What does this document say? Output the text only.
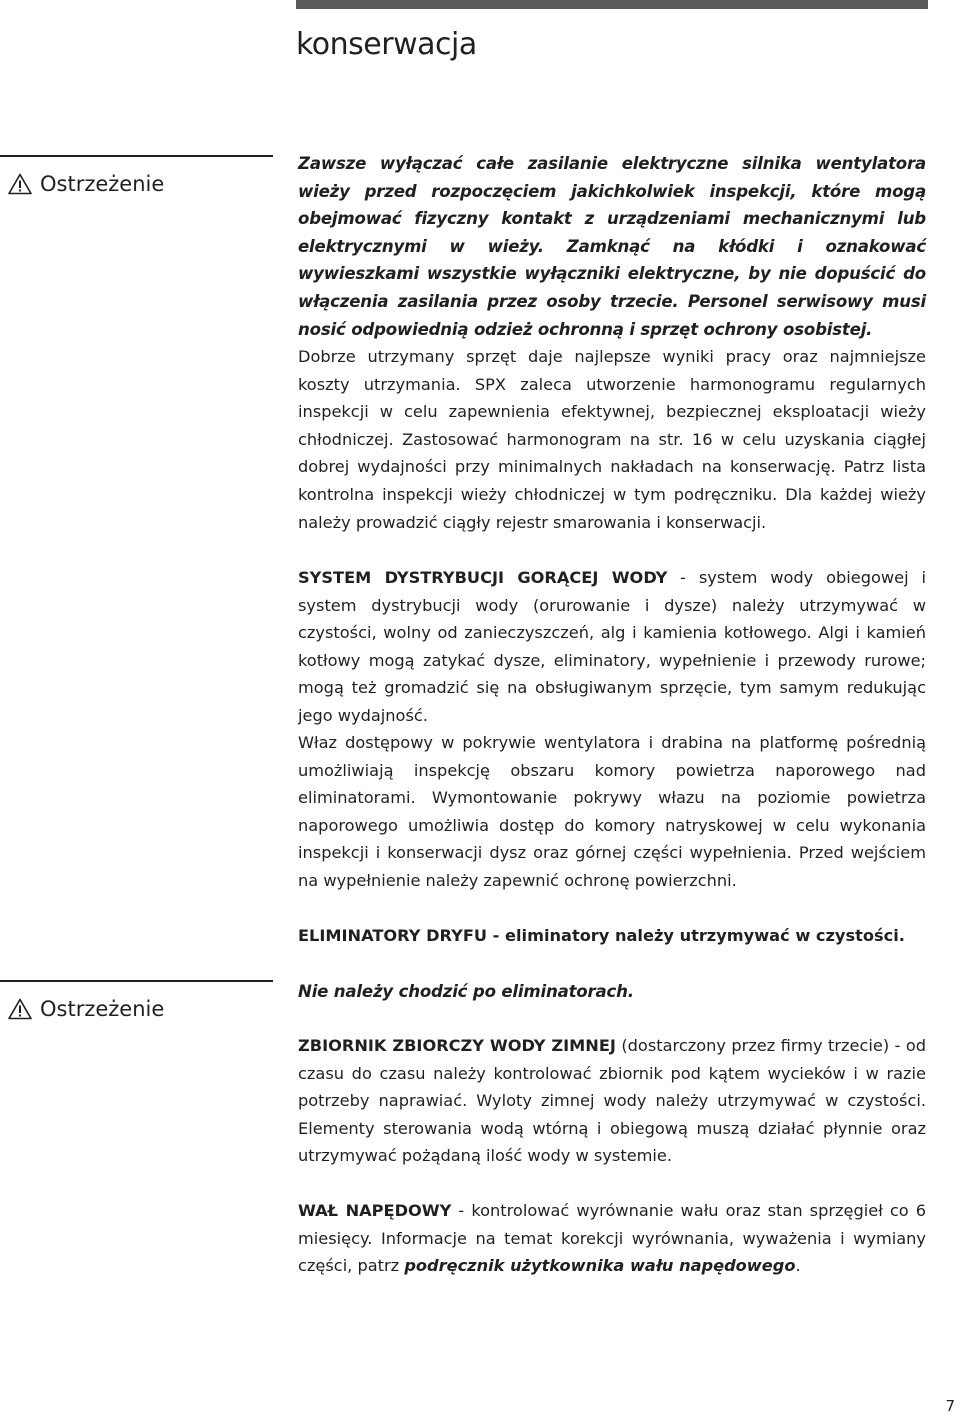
konserwacja
Ostrzeżenie

Zawsze wyłączać całe zasilanie elektryczne silnika wentylatora wieży przed rozpoczęciem jakichkolwiek inspekcji, które mogą obejmować fizyczny kontakt z urządzeniami mechanicznymi lub elektrycznymi w wieży. Zamknąć na kłódki i oznakować wywieszkami wszystkie wyłączniki elektryczne, by nie dopuścić do włączenia zasilania przez osoby trzecie. Personel serwisowy musi nosić odpowiednią odzież ochronną i sprzęt ochrony osobistej.

Dobrze utrzymany sprzęt daje najlepsze wyniki pracy oraz najmniejsze koszty utrzymania. SPX zaleca utworzenie harmonogramu regularnych inspekcji w celu zapewnienia efektywnej, bezpiecznej eksploatacji wieży chłodniczej. Zastosować harmonogram na str. 16 w celu uzyskania ciągłej dobrej wydajności przy minimalnych nakładach na konserwację. Patrz lista kontrolna inspekcji wieży chłodniczej w tym podręczniku. Dla każdej wieży należy prowadzić ciągły rejestr smarowania i konserwacji.

SYSTEM DYSTRYBUCJI GORĄCEJ WODY - system wody obiegowej i system dystrybucji wody (orurowanie i dysze) należy utrzymywać w czystości, wolny od zanieczyszczeń, alg i kamienia kotłowego. Algi i kamień kotłowy mogą zatykać dysze, eliminatory, wypełnienie i przewody rurowe; mogą też gromadzić się na obsługiwanym sprzęcie, tym samym redukując jego wydajność.

Właz dostępowy w pokrywie wentylatora i drabina na platformę pośrednią umożliwiają inspekcję obszaru komory powietrza naporowego nad eliminatorami. Wymontowanie pokrywy włazu na poziomie powietrza naporowego umożliwia dostęp do komory natryskowej w celu wykonania inspekcji i konserwacji dysz oraz górnej części wypełnienia. Przed wejściem na wypełnienie należy zapewnić ochronę powierzchni.

ELIMINATORY DRYFU - eliminatory należy utrzymywać w czystości.

Ostrzeżenie

Nie należy chodzić po eliminatorach.

ZBIORNIK ZBIORCZY WODY ZIMNEJ (dostarczony przez firmy trzecie) - od czasu do czasu należy kontrolować zbiornik pod kątem wycieków i w razie potrzeby naprawiać. Wyloty zimnej wody należy utrzymywać w czystości. Elementy sterowania wodą wtórną i obiegową muszą działać płynnie oraz utrzymywać pożądaną ilość wody w systemie.

WAŁ NAPĘDOWY - kontrolować wyrównanie wału oraz stan sprzęgieł co 6 miesięcy. Informacje na temat korekcji wyrównania, wyważenia i wymiany części, patrz podręcznik użytkownika wału napędowego.

7
